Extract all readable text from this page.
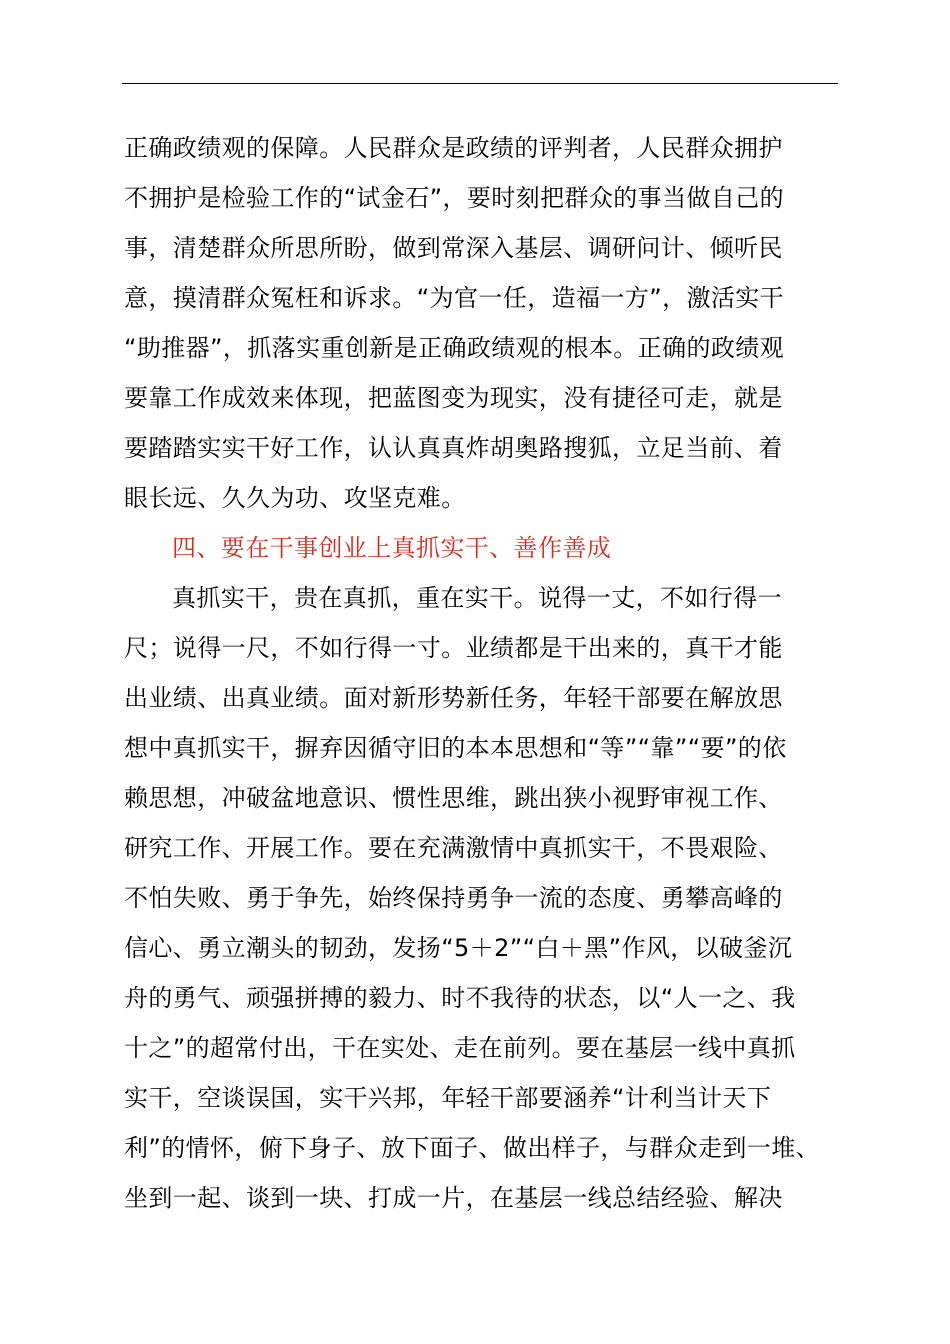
正确政绩观的保障。人民群众是政绩的评判者，人民群众拥护
不拥护是检验工作的“试金石”，要时刻把群众的事当做自己的
事，清楚群众所思所盼，做到常深入基层、调研问计、倾听民
意，摸清群众冤枉和诉求。“为官一任，造福一方”，激活实干
“助推器”，抓落实重创新是正确政绩观的根本。正确的政绩观
要靠工作成效来体现，把蓝图变为现实，没有捷径可走，就是
要踏踏实实干好工作，认认真真炸胡奥路搜狐，立足当前、着
眼长远、久久为功、攻坚克难。
四、要在干事创业上真抓实干、善作善成
真抓实干，贵在真抓，重在实干。说得一丈，不如行得一
尺；说得一尺，不如行得一寸。业绩都是干出来的，真干才能
出业绩、出真业绩。面对新形势新任务，年轻干部要在解放思
想中真抓实干，摒弃因循守旧的本本思想和“等”“靠”“要”的依
赖思想，冲破盆地意识、惯性思维，跳出狭小视野审视工作、
研究工作、开展工作。要在充满激情中真抓实干，不畏艰险、
不怕失败、勇于争先，始终保持勇争一流的态度、勇攀高峰的
信心、勇立潮头的韧劲，发扬“5＋2”“白＋黑”作风，以破釜沉
舟的勇气、顽强拼搏的毅力、时不我待的状态，以“人一之、我
十之”的超常付出，干在实处、走在前列。要在基层一线中真抓
实干，空谈误国，实干兴邦，年轻干部要涵养“计利当计天下
利”的情怀，俯下身子、放下面子、做出样子，与群众走到一堆、
坐到一起、谈到一块、打成一片，在基层一线总结经验、解决
